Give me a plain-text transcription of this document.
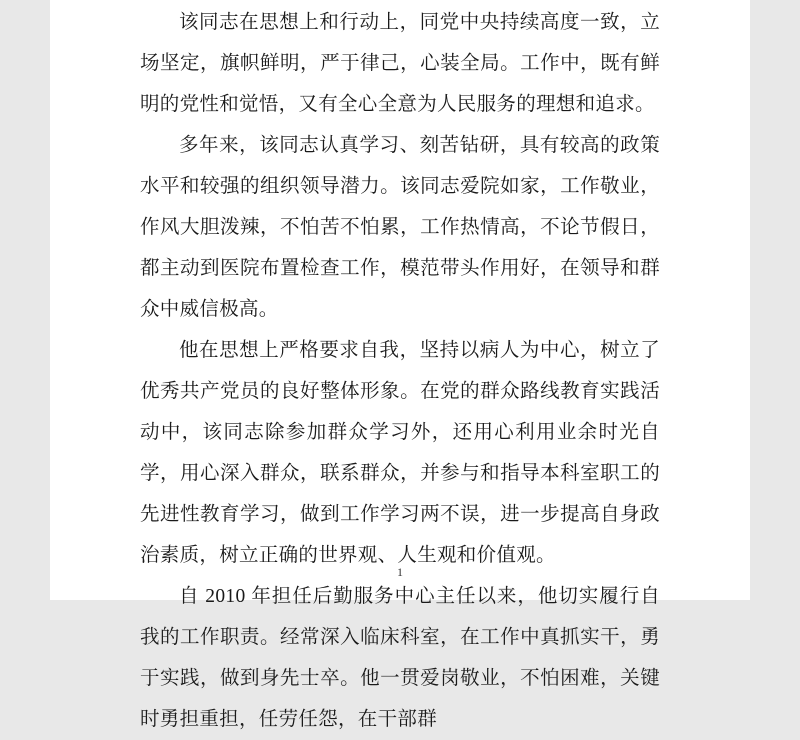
该同志在思想上和行动上，同党中央持续高度一致，立场坚定，旗帜鲜明，严于律己，心装全局。工作中，既有鲜明的党性和觉悟，又有全心全意为人民服务的理想和追求。

多年来，该同志认真学习、刻苦钻研，具有较高的政策水平和较强的组织领导潜力。该同志爱院如家，工作敬业，作风大胆泼辣，不怕苦不怕累，工作热情高，不论节假日，都主动到医院布置检查工作，模范带头作用好，在领导和群众中威信极高。

他在思想上严格要求自我，坚持以病人为中心，树立了优秀共产党员的良好整体形象。在党的群众路线教育实践活动中，该同志除参加群众学习外，还用心利用业余时光自学，用心深入群众，联系群众，并参与和指导本科室职工的先进性教育学习，做到工作学习两不误，进一步提高自身政治素质，树立正确的世界观、人生观和价值观。

自 2010 年担任后勤服务中心主任以来，他切实履行自我的工作职责。经常深入临床科室，在工作中真抓实干，勇于实践，做到身先士卒。他一贯爱岗敬业，不怕困难，关键时勇担重担，任劳任怨，在干部群

1
